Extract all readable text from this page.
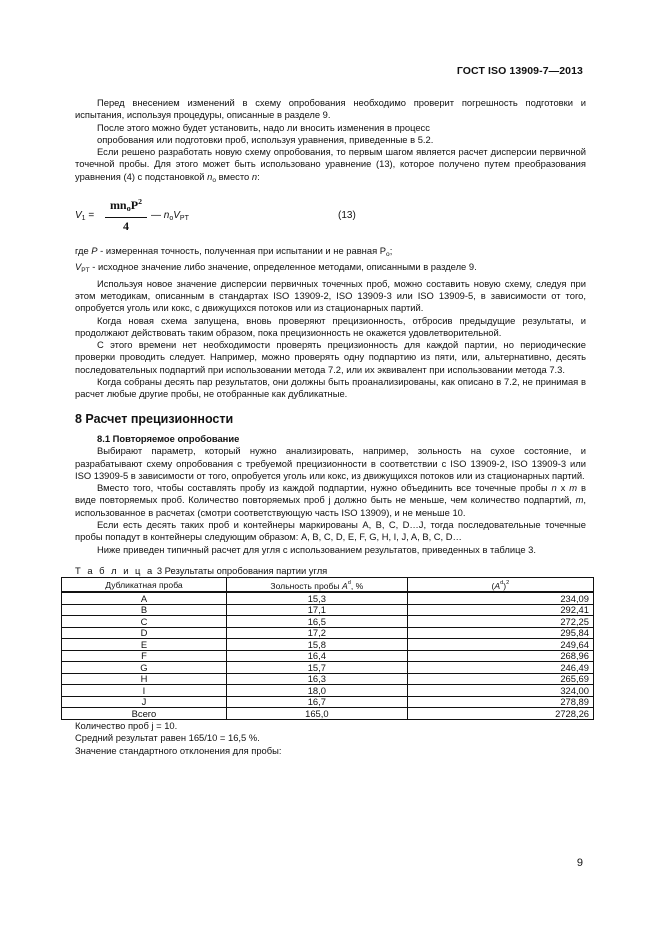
ГОСТ ISO 13909-7—2013

Перед внесением изменений в схему опробования необходимо проверит погрешность подготовки и испытания, используя процедуры, описанные в разделе 9.

После этого можно будет установить, надо ли вносить изменения в процесс

опробования или подготовки проб, используя уравнения, приведенные в 5.2.

Если решено разработать новую схему опробования, то первым шагом является расчет дисперсии первичной точечной пробы. Для этого может быть использовано уравнение (13), которое получено путем преобразования уравнения (4) с подстановкой $n_o$ вместо n:

$V_1$ =
$mn_oP^2$
4
— $n_oV_{PT}$	(13)

где P - измеренная точность, полученная при испытании и не равная $P_o$;

$V_{PT}$ - исходное значение либо значение, определенное методами, описанными в разделе 9.

Используя новое значение дисперсии первичных точечных проб, можно составить новую схему, следуя при этом методикам, описанным в стандартах ISO 13909-2, ISO 13909-3 или ISO 13909-5, в зависимости от того, опробуется уголь или кокс, с движущихся потоков или из стационарных партий.

Когда новая схема запущена, вновь проверяют прецизионность, отбросив предыдущие результаты, и продолжают действовать таким образом, пока прецизионность не окажется удовлетворительной.

С этого времени нет необходимости проверять прецизионность для каждой партии, но периодические проверки проводить следует. Например, можно проверять одну подпартию из пяти, или, альтернативно, десять последовательных подпартий при использовании метода 7.2, или их эквивалент при использовании метода 7.3.

Когда собраны десять пар результатов, они должны быть проанализированы, как описано в 7.2, не принимая в расчет любые другие пробы, не отобранные как дубликатные.

8 Расчет прецизионности

8.1 Повторяемое опробование

Выбирают параметр, который нужно анализировать, например, зольность на сухое состояние, и разрабатывают схему опробования с требуемой прецизионности в соответствии с ISO 13909-2, ISO 13909-3 или ISO 13909-5 в зависимости от того, опробуется уголь или кокс, из движущихся потоков или из стационарных партий.

Вместо того, чтобы составлять пробу из каждой подпартии, нужно объединить все точечные пробы n x m в виде повторяемых проб. Количество повторяемых проб j должно быть не меньше, чем количество подпартий, m, использованное в расчетах (смотри соответствующую часть ISO 13909), и не меньше 10.

Если есть десять таких проб и контейнеры маркированы А, В, С, D…J, тогда последовательные точечные пробы попадут в контейнеры следующим образом: А, В, С, D, E, F, G, H, I, J, A, B, C, D…

Ниже приведен типичный расчет для угля с использованием результатов, приведенных в таблице 3.

Т а б л и ц а 3 Результаты опробования партии угля
Дубликатная проба	Зольность пробы $A^d$, %	$(A^d)^2$
A	15,3	234,09
B	17,1	292,41
C	16,5	272,25
D	17,2	295,84
E	15,8	249,64
F	16,4	268,96
G	15,7	246,49
H	16,3	265,69
I	18,0	324,00
J	16,7	278,89
Всего	165,0	2728,26

Количество проб j = 10.

Средний результат равен 165/10 = 16,5 %.

Значение стандартного отклонения для пробы:

9
